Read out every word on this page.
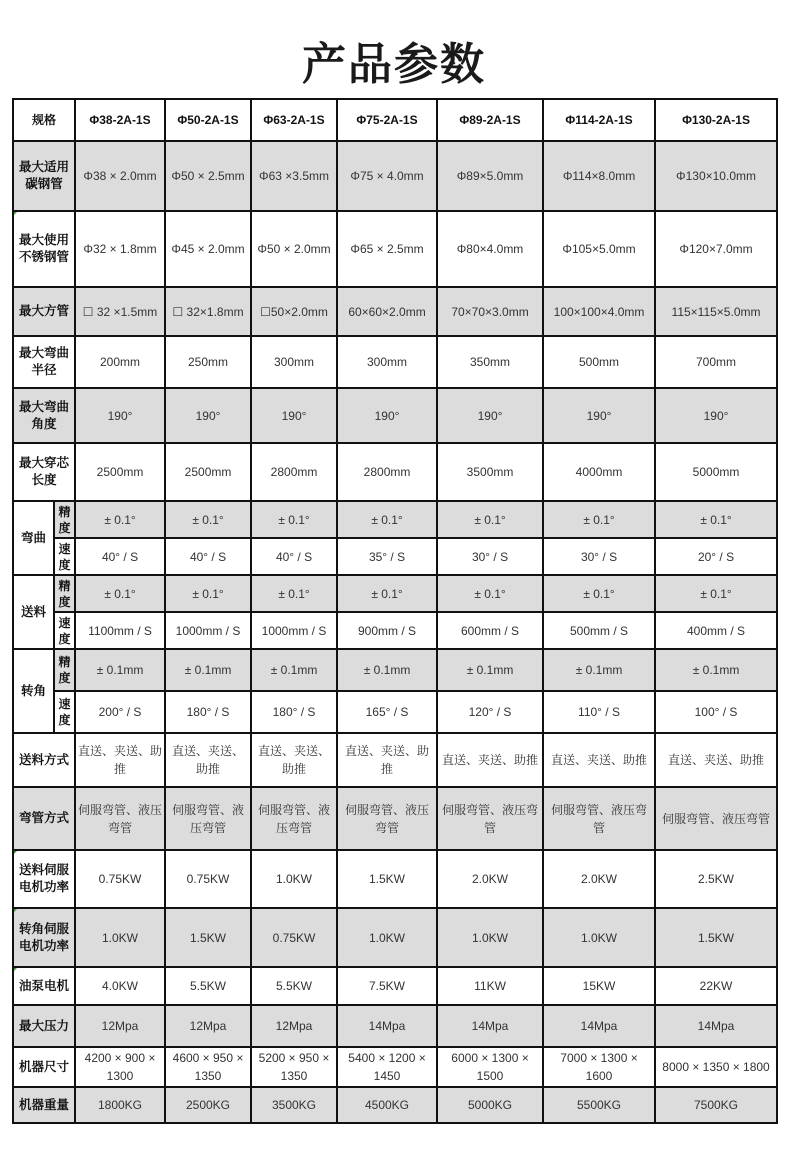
产品参数
规格		Φ38-2A-1S	Φ50-2A-1S	Φ63-2A-1S	Φ75-2A-1S	Φ89-2A-1S	Φ114-2A-1S	Φ130-2A-1S
最大适用碳钢管		Φ38 × 2.0mm	Φ50 × 2.5mm	Φ63 ×3.5mm	Φ75 × 4.0mm	Φ89×5.0mm	Φ114×8.0mm	Φ130×10.0mm
最大使用不锈钢管		Φ32 × 1.8mm	Φ45 × 2.0mm	Φ50 × 2.0mm	Φ65 × 2.5mm	Φ80×4.0mm	Φ105×5.0mm	Φ120×7.0mm
最大方管		☐ 32 ×1.5mm	☐ 32×1.8mm	☐50×2.0mm	60×60×2.0mm	70×70×3.0mm	100×100×4.0mm	115×115×5.0mm
最大弯曲半径		200mm	250mm	300mm	300mm	350mm	500mm	700mm
最大弯曲角度		190°	190°	190°	190°	190°	190°	190°
最大穿芯长度		2500mm	2500mm	2800mm	2800mm	3500mm	4000mm	5000mm
弯曲	精度	± 0.1°	± 0.1°	± 0.1°	± 0.1°	± 0.1°	± 0.1°	± 0.1°
	速度	40° / S	40° / S	40° / S	35° / S	30° / S	30° / S	20° / S
送料	精度	± 0.1°	± 0.1°	± 0.1°	± 0.1°	± 0.1°	± 0.1°	± 0.1°
	速度	1100mm / S	1000mm / S	1000mm / S	900mm / S	600mm / S	500mm / S	400mm / S
转角	精度	± 0.1mm	± 0.1mm	± 0.1mm	± 0.1mm	± 0.1mm	± 0.1mm	± 0.1mm
	速度	200° / S	180° / S	180° / S	165° / S	120° / S	110° / S	100° / S
送料方式		直送、夹送、助推	直送、夹送、助推	直送、夹送、助推	直送、夹送、助推	直送、夹送、助推	直送、夹送、助推	直送、夹送、助推
弯管方式		伺服弯管、液压弯管	伺服弯管、液压弯管	伺服弯管、液压弯管	伺服弯管、液压弯管	伺服弯管、液压弯管	伺服弯管、液压弯管	伺服弯管、液压弯管
送料伺服电机功率		0.75KW	0.75KW	1.0KW	1.5KW	2.0KW	2.0KW	2.5KW
转角伺服电机功率		1.0KW	1.5KW	0.75KW	1.0KW	1.0KW	1.0KW	1.5KW
油泵电机		4.0KW	5.5KW	5.5KW	7.5KW	11KW	15KW	22KW
最大压力		12Mpa	12Mpa	12Mpa	14Mpa	14Mpa	14Mpa	14Mpa
机器尺寸		4200 × 900 × 1300	4600 × 950 × 1350	5200 × 950 × 1350	5400 × 1200 × 1450	6000 × 1300 × 1500	7000 × 1300 × 1600	8000 × 1350 × 1800
机器重量		1800KG	2500KG	3500KG	4500KG	5000KG	5500KG	7500KG
